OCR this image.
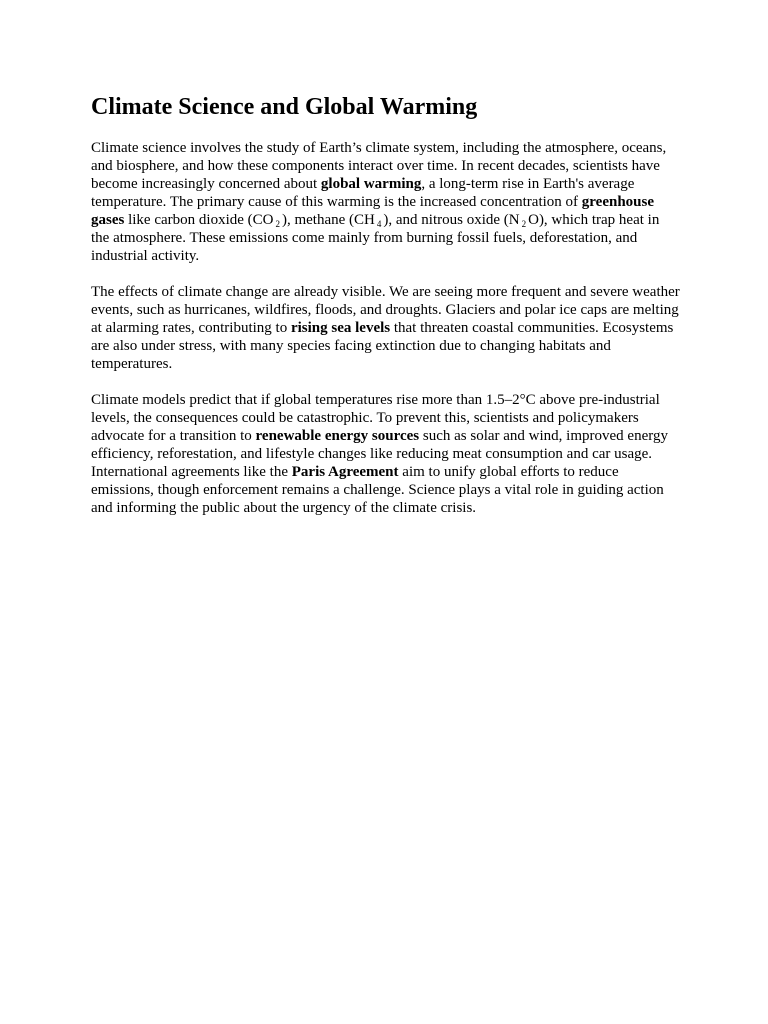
Climate Science and Global Warming

Climate science involves the study of Earth’s climate system, including the atmosphere, oceans, and biosphere, and how these components interact over time. In recent decades, scientists have become increasingly concerned about global warming, a long-term rise in Earth's average temperature. The primary cause of this warming is the increased concentration of greenhouse gases like carbon dioxide (CO $_2$ ), methane (CH $_4$ ), and nitrous oxide (N $_2$ O), which trap heat in the atmosphere. These emissions come mainly from burning fossil fuels, deforestation, and industrial activity.

The effects of climate change are already visible. We are seeing more frequent and severe weather events, such as hurricanes, wildfires, floods, and droughts. Glaciers and polar ice caps are melting at alarming rates, contributing to rising sea levels that threaten coastal communities. Ecosystems are also under stress, with many species facing extinction due to changing habitats and temperatures.

Climate models predict that if global temperatures rise more than 1.5–2°C above pre-industrial levels, the consequences could be catastrophic. To prevent this, scientists and policymakers advocate for a transition to renewable energy sources such as solar and wind, improved energy efficiency, reforestation, and lifestyle changes like reducing meat consumption and car usage. International agreements like the Paris Agreement aim to unify global efforts to reduce emissions, though enforcement remains a challenge. Science plays a vital role in guiding action and informing the public about the urgency of the climate crisis.
